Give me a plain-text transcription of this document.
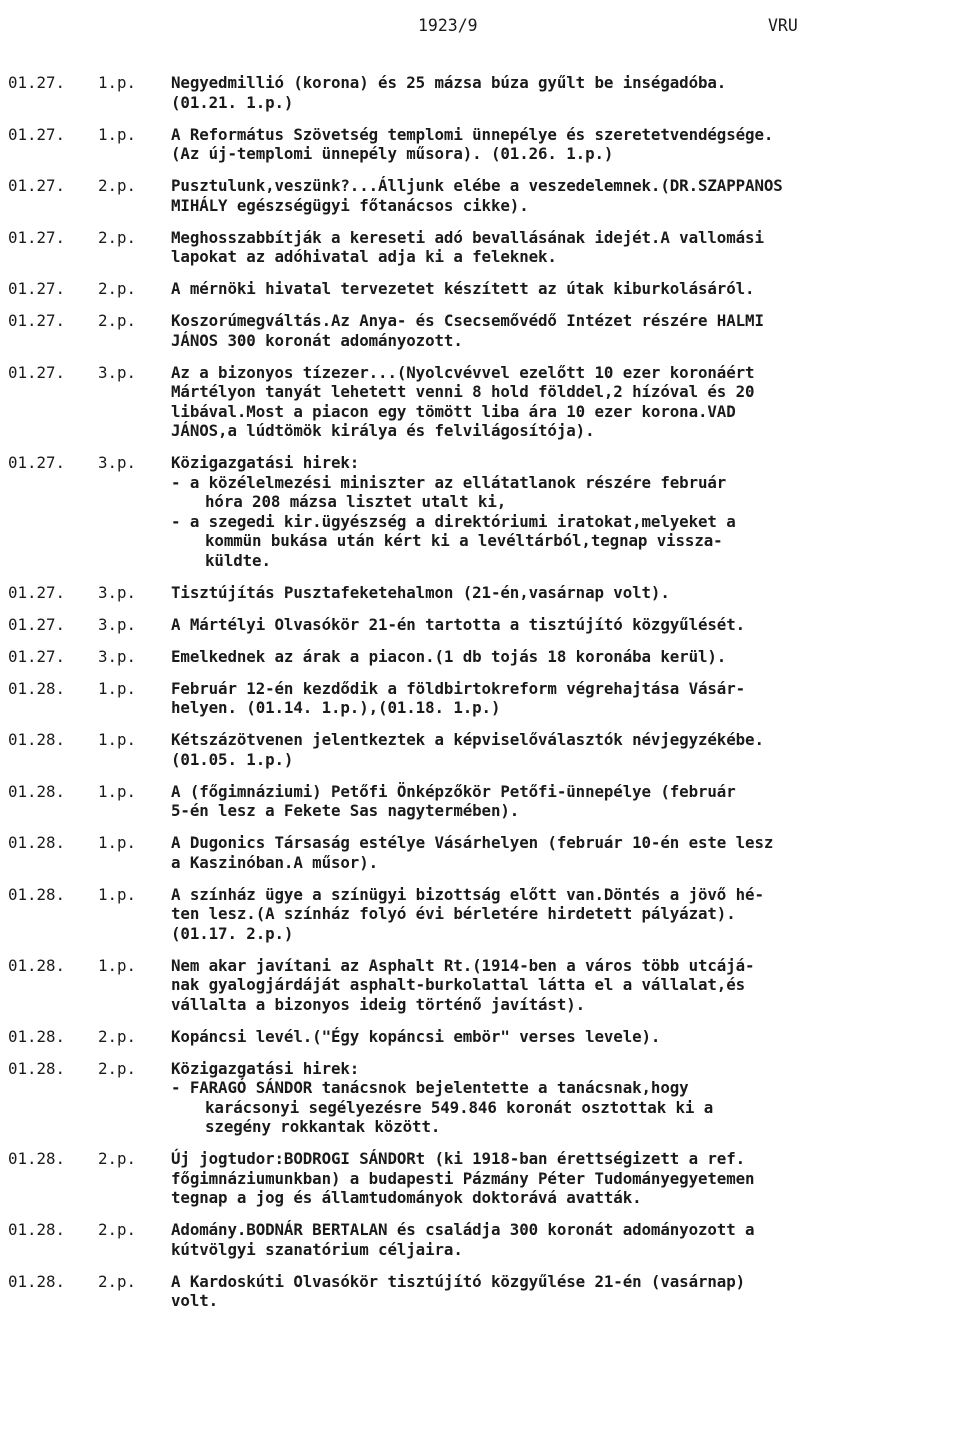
1923/9	VRU
01.27.	1.p.	Negyedmillió (korona) és 25 mázsa búza gyűlt be inségadóba.
(01.21. 1.p.)
01.27.	1.p.	A Református Szövetség templomi ünnepélye és szeretetvendégsége.
(Az új-templomi ünnepély műsora). (01.26. 1.p.)
01.27.	2.p.	Pusztulunk,veszünk?...Álljunk elébe a veszedelemnek.(DR.SZAPPANOS
MIHÁLY egészségügyi főtanácsos cikke).
01.27.	2.p.	Meghosszabbítják a kereseti adó bevallásának idejét.A vallomási
lapokat az adóhivatal adja ki a feleknek.
01.27.	2.p.	A mérnöki hivatal tervezetet készített az útak kiburkolásáról.
01.27.	2.p.	Koszorúmegváltás.Az Anya- és Csecsemővédő Intézet részére HALMI
JÁNOS 300 koronát adományozott.
01.27.	3.p.	Az a bizonyos tízezer...(Nyolcvévvel ezelőtt 10 ezer koronáért
Mártélyon tanyát lehetett venni 8 hold földdel,2 hízóval és 20
libával.Most a piacon egy tömött liba ára 10 ezer korona.VAD
JÁNOS,a lúdtömök királya és felvilágosítója).
01.27.	3.p.	Közigazgatási hirek:
- a közélelmezési miniszter az ellátatlanok részére február
hóra 208 mázsa lisztet utalt ki,
- a szegedi kir.ügyészség a direktóriumi iratokat,melyeket a
kommün bukása után kért ki a levéltárból,tegnap vissza-
küldte.
01.27.	3.p.	Tisztújítás Pusztafeketehalmon (21-én,vasárnap volt).
01.27.	3.p.	A Mártélyi Olvasókör 21-én tartotta a tisztújító közgyűlését.
01.27.	3.p.	Emelkednek az árak a piacon.(1 db tojás 18 koronába kerül).
01.28.	1.p.	Február 12-én kezdődik a földbirtokreform végrehajtása Vásár-
helyen. (01.14. 1.p.),(01.18. 1.p.)
01.28.	1.p.	Kétszázötvenen jelentkeztek a képviselőválasztók névjegyzékébe.
(01.05. 1.p.)
01.28.	1.p.	A (főgimnáziumi) Petőfi Önképzőkör Petőfi-ünnepélye (február
5-én lesz a Fekete Sas nagytermében).
01.28.	1.p.	A Dugonics Társaság estélye Vásárhelyen (február 10-én este lesz
a Kaszinóban.A műsor).
01.28.	1.p.	A színház ügye a színügyi bizottság előtt van.Döntés a jövő hé-
ten lesz.(A színház folyó évi bérletére hirdetett pályázat).
(01.17. 2.p.)
01.28.	1.p.	Nem akar javítani az Asphalt Rt.(1914-ben a város több utcájá-
nak gyalogjárdáját asphalt-burkolattal látta el a vállalat,és
vállalta a bizonyos ideig történő javítást).
01.28.	2.p.	Kopáncsi levél.("Égy kopáncsi embör" verses levele).
01.28.	2.p.	Közigazgatási hirek:
- FARAGÓ SÁNDOR tanácsnok bejelentette a tanácsnak,hogy
karácsonyi segélyezésre 549.846 koronát osztottak ki a
szegény rokkantak között.
01.28.	2.p.	Új jogtudor:BODROGI SÁNDORt (ki 1918-ban érettségizett a ref.
főgimnáziumunkban) a budapesti Pázmány Péter Tudományegyetemen
tegnap a jog és államtudományok doktorává avatták.
01.28.	2.p.	Adomány.BODNÁR BERTALAN és családja 300 koronát adományozott a
kútvölgyi szanatórium céljaira.
01.28.	2.p.	A Kardoskúti Olvasókör tisztújító közgyűlése 21-én (vasárnap)
volt.
